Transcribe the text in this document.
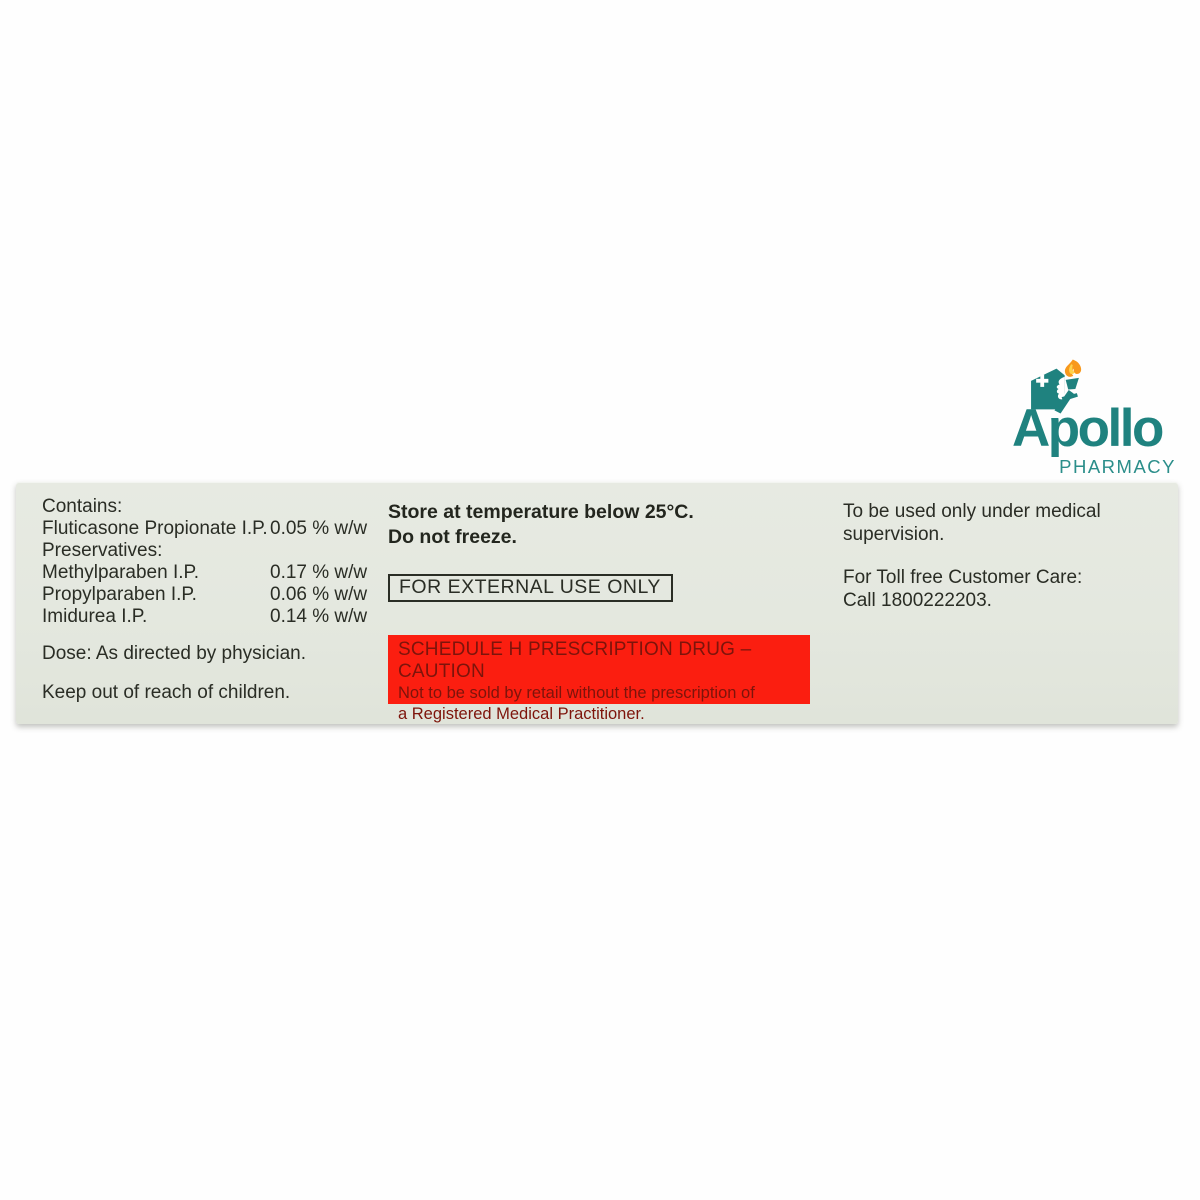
Apollo
PHARMACY
Contains:
Fluticasone Propionate I.P. 0.05 % w/w
Preservatives:
Methylparaben I.P.	0.17 % w/w
Propylparaben I.P.	0.06 % w/w
Imidurea I.P.	0.14 % w/w
Dose: As directed by physician.
Keep out of reach of children.
Store at temperature below 25°C.
Do not freeze.
FOR EXTERNAL USE ONLY
SCHEDULE H PRESCRIPTION DRUG – CAUTION
Not to be sold by retail without the prescription of
a Registered Medical Practitioner.
To be used only under medical supervision.
For Toll free Customer Care:
Call 1800222203.
